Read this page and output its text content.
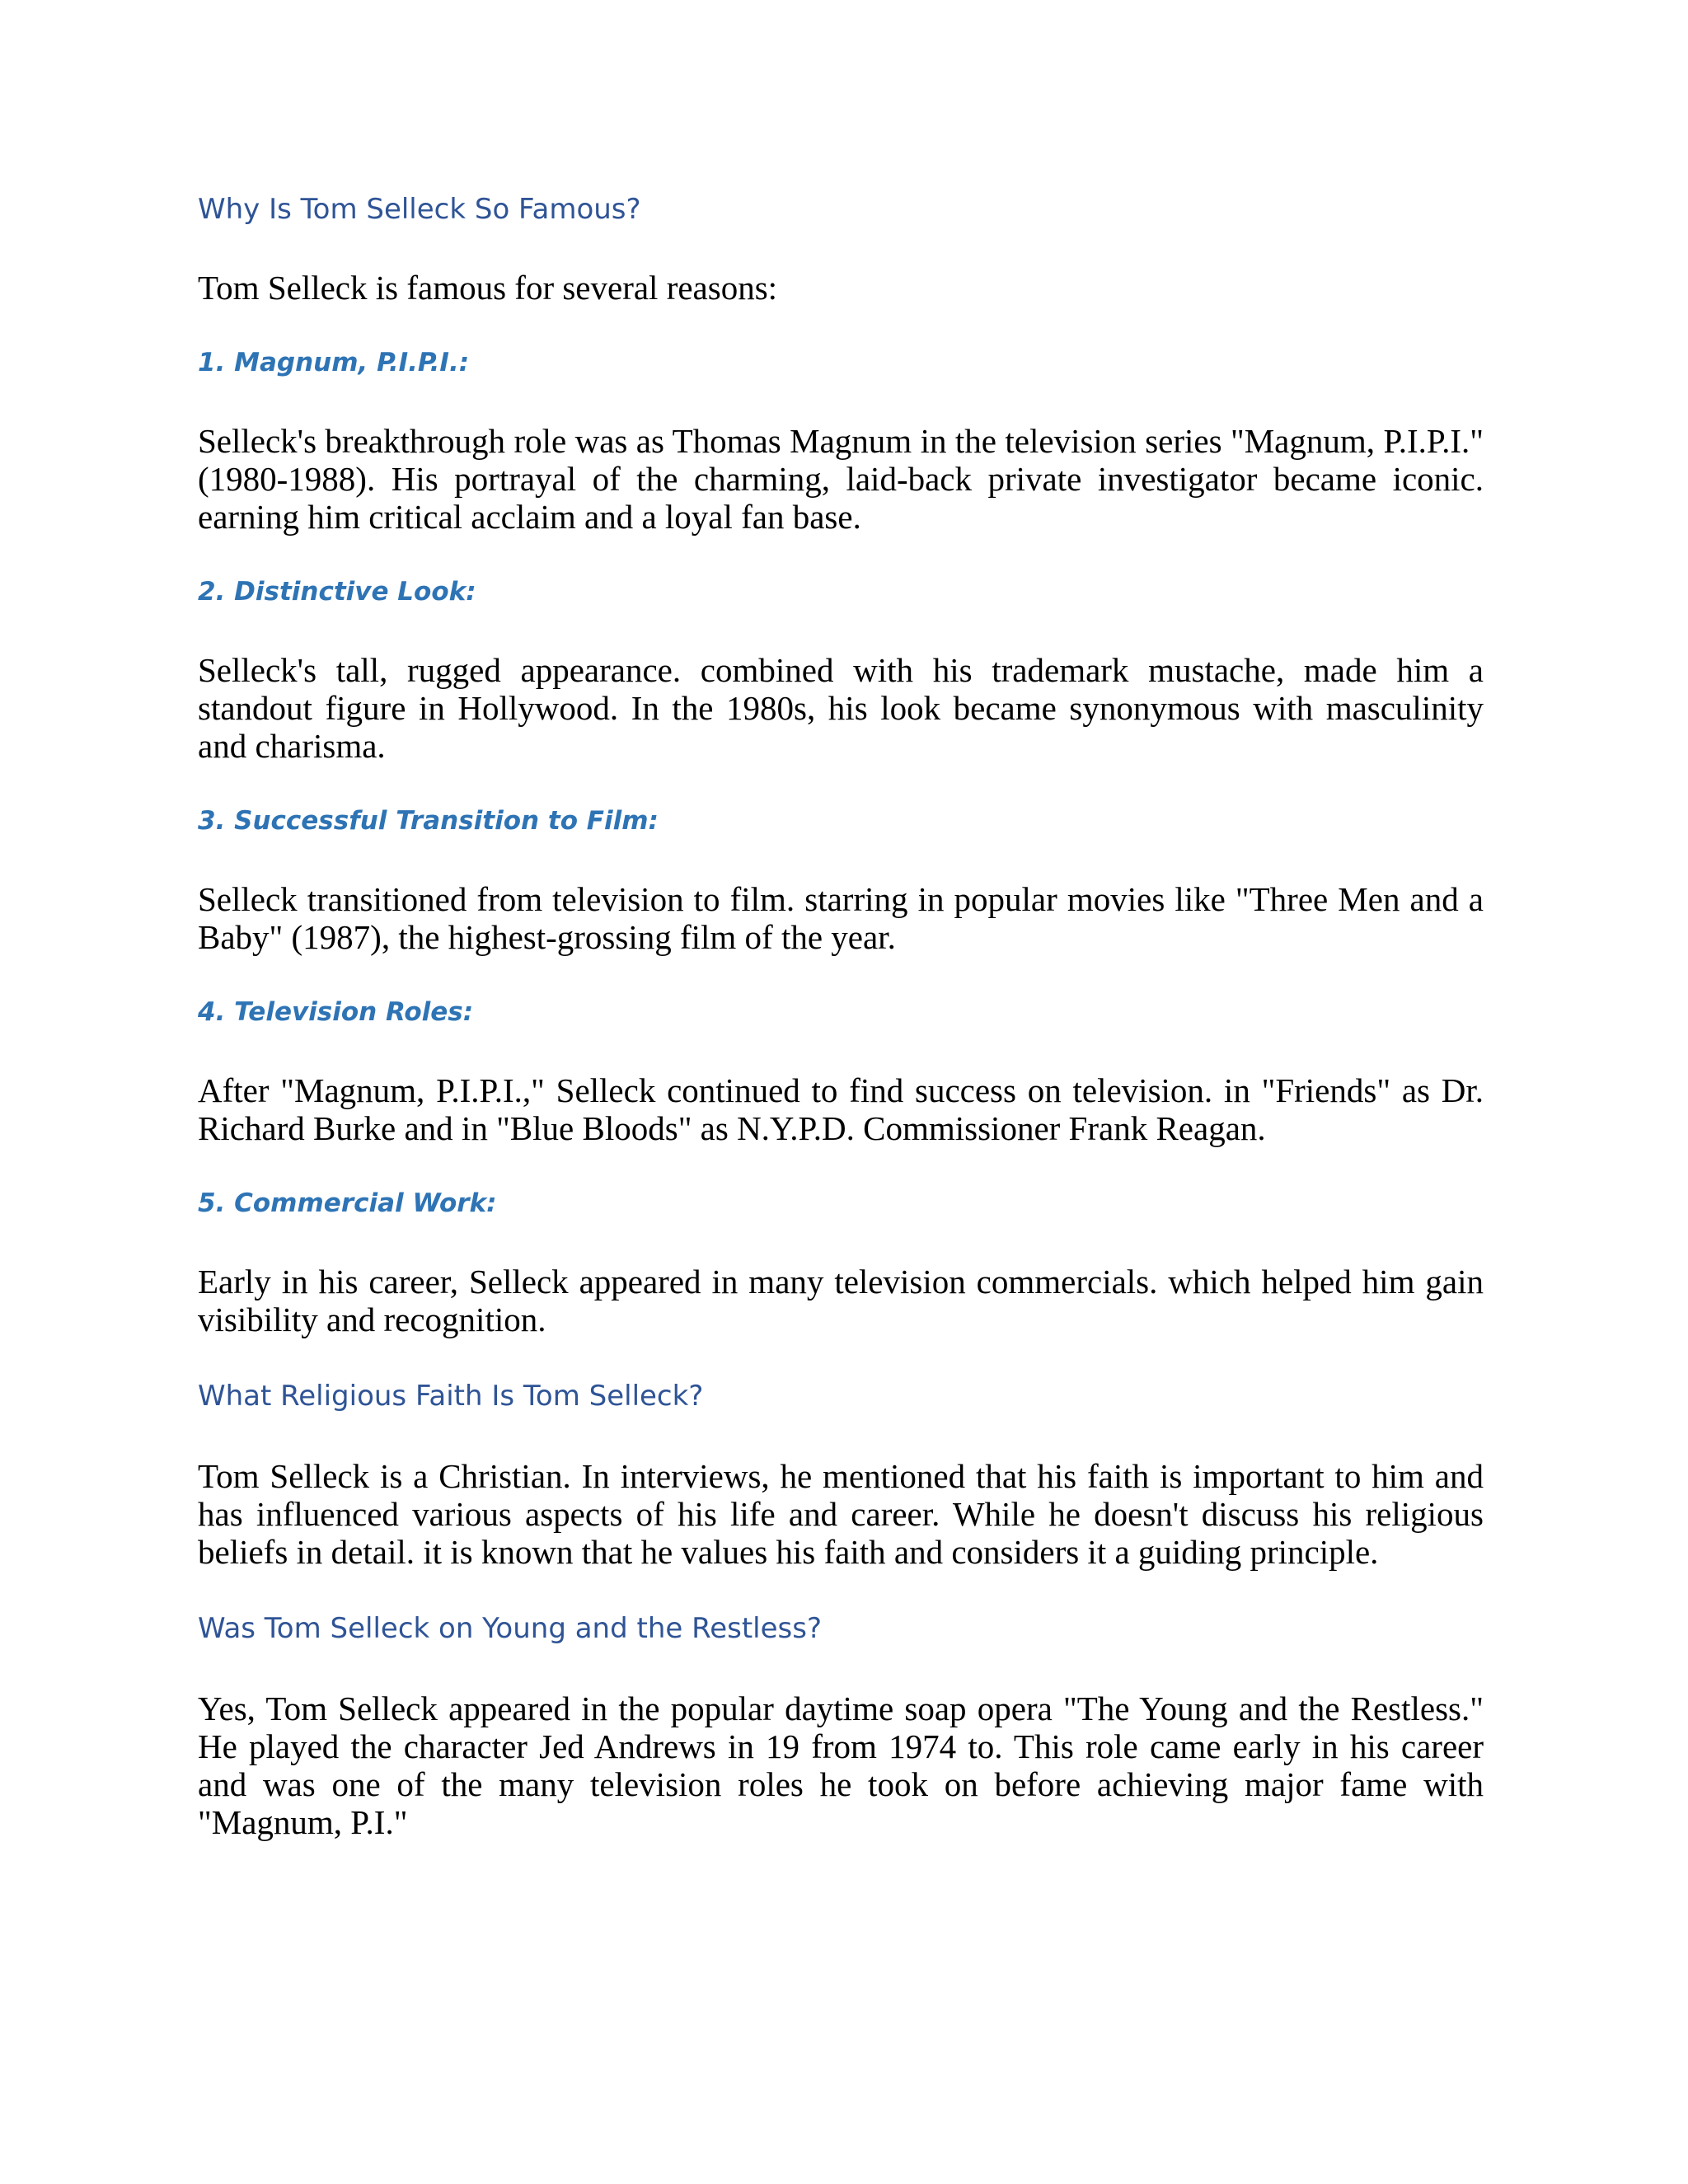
Why Is Tom Selleck So Famous?

Tom Selleck is famous for several reasons:

1. Magnum, P.I.P.I.:

Selleck's breakthrough role was as Thomas Magnum in the television series "Magnum, P.I.P.I." (1980-1988). His portrayal of the charming, laid-back private investigator became iconic. earning him critical acclaim and a loyal fan base.

2. Distinctive Look:

Selleck's tall, rugged appearance. combined with his trademark mustache, made him a standout figure in Hollywood. In the 1980s, his look became synonymous with masculinity and charisma.

3. Successful Transition to Film:

Selleck transitioned from television to film. starring in popular movies like "Three Men and a Baby" (1987), the highest-grossing film of the year.

4. Television Roles:

After "Magnum, P.I.P.I.," Selleck continued to find success on television. in "Friends" as Dr. Richard Burke and in "Blue Bloods" as N.Y.P.D. Commissioner Frank Reagan.

5. Commercial Work:

Early in his career, Selleck appeared in many television commercials. which helped him gain visibility and recognition.

What Religious Faith Is Tom Selleck?

Tom Selleck is a Christian. In interviews, he mentioned that his faith is important to him and has influenced various aspects of his life and career. While he doesn't discuss his religious beliefs in detail. it is known that he values his faith and considers it a guiding principle.

Was Tom Selleck on Young and the Restless?

Yes, Tom Selleck appeared in the popular daytime soap opera "The Young and the Restless." He played the character Jed Andrews in 19 from 1974 to. This role came early in his career and was one of the many television roles he took on before achieving major fame with "Magnum, P.I."
